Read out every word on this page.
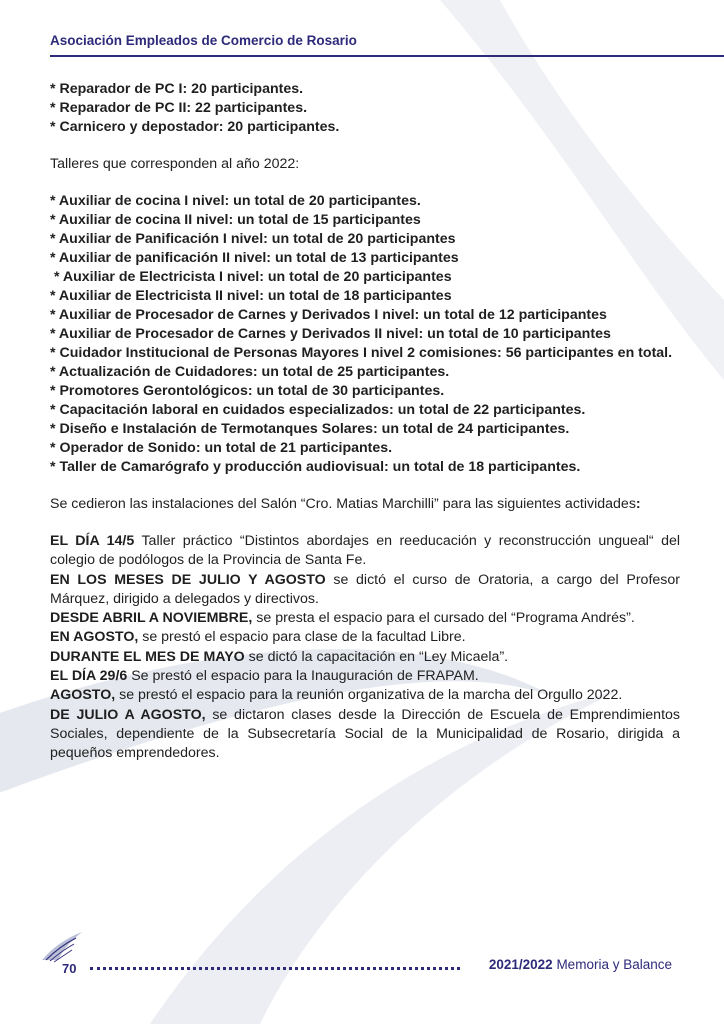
Asociación Empleados de Comercio de Rosario
* Reparador de PC I: 20 participantes.
* Reparador de PC II: 22 participantes.
* Carnicero y depostador: 20 participantes.
Talleres que corresponden al año 2022:
* Auxiliar de cocina I nivel: un total de 20 participantes.
* Auxiliar de cocina II nivel: un total de 15 participantes
* Auxiliar de Panificación I nivel: un total de 20 participantes
* Auxiliar de panificación II nivel: un total de 13 participantes
* Auxiliar de Electricista I nivel: un total de 20 participantes
* Auxiliar de Electricista II nivel: un total de 18 participantes
* Auxiliar de Procesador de Carnes y Derivados I nivel: un total de 12 participantes
* Auxiliar de Procesador de Carnes y Derivados II nivel: un total de 10 participantes
* Cuidador Institucional de Personas Mayores I nivel 2 comisiones: 56 participantes en total.
* Actualización de Cuidadores: un total de 25 participantes.
* Promotores Gerontológicos: un total de 30 participantes.
* Capacitación laboral en cuidados especializados: un total de 22 participantes.
* Diseño e Instalación de Termotanques Solares: un total de 24 participantes.
* Operador de Sonido: un total de 21 participantes.
* Taller de Camarógrafo y producción audiovisual: un total de 18 participantes.
Se cedieron las instalaciones del Salón “Cro. Matias Marchilli” para las siguientes actividades:
EL DÍA 14/5 Taller práctico “Distintos abordajes en reeducación y reconstrucción ungueal“ del colegio de podólogos de la Provincia de Santa Fe.
EN LOS MESES DE JULIO Y AGOSTO se dictó el curso de Oratoria, a cargo del Profesor Márquez, dirigido a delegados y directivos.
DESDE ABRIL A NOVIEMBRE, se presta el espacio para el cursado del “Programa Andrés”.
EN AGOSTO, se prestó el espacio para clase de la facultad Libre.
DURANTE EL MES DE MAYO se dictó la capacitación en “Ley Micaela”.
EL DÍA 29/6 Se prestó el espacio para la Inauguración de FRAPAM.
AGOSTO, se prestó el espacio para la reunión organizativa de la marcha del Orgullo 2022.
DE JULIO A AGOSTO, se dictaron clases desde la Dirección de Escuela de Emprendimientos Sociales, dependiente de la Subsecretaría Social de la Municipalidad de Rosario, dirigida a pequeños emprendedores.
70	2021/2022 Memoria y Balance
